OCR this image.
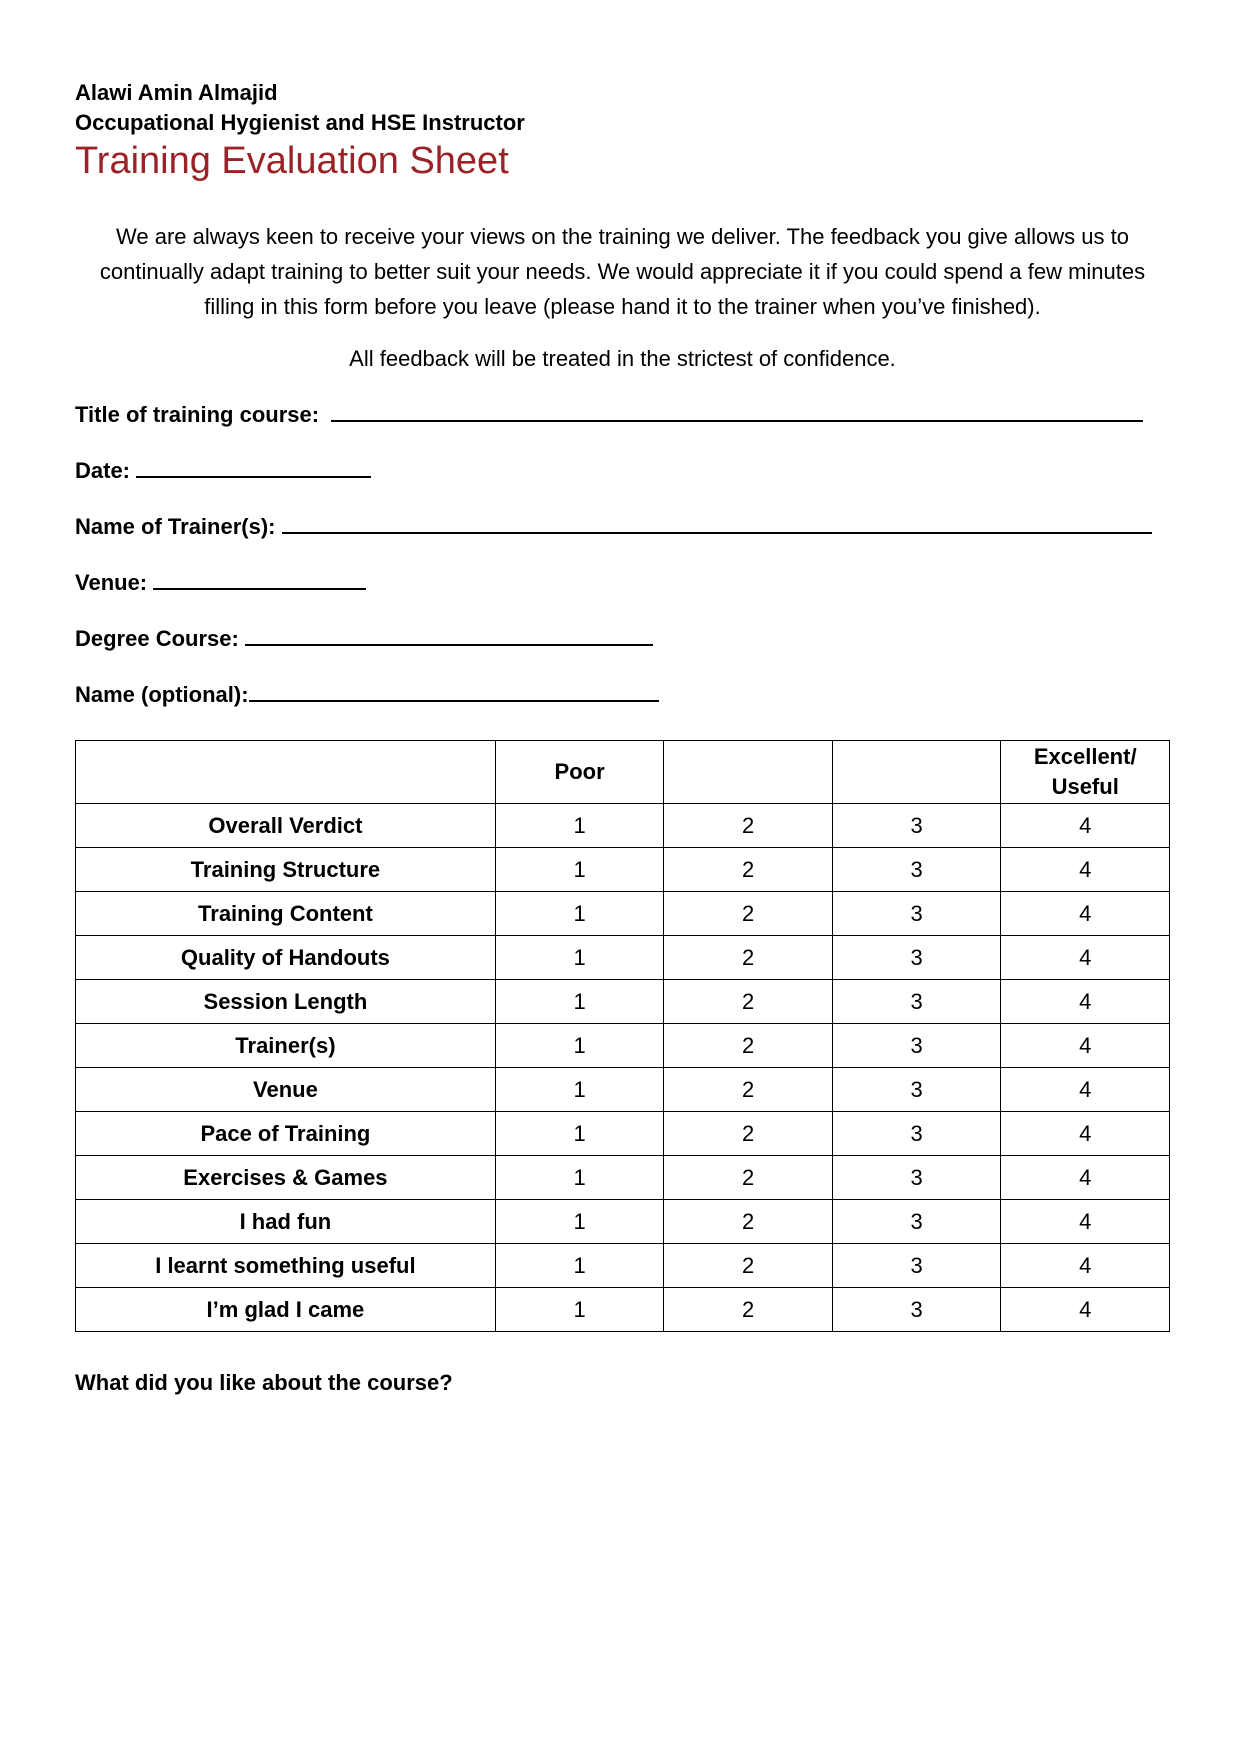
Alawi Amin Almajid
Occupational Hygienist and HSE Instructor
Training Evaluation Sheet

We are always keen to receive your views on the training we deliver. The feedback you give allows us to continually adapt training to better suit your needs. We would appreciate it if you could spend a few minutes filling in this form before you leave (please hand it to the trainer when you’ve finished).

All feedback will be treated in the strictest of confidence.
Title of training course:
Date:
Name of Trainer(s):
Venue:
Degree Course:
Name (optional):
	Poor			Excellent/
Useful
Overall Verdict	1	2	3	4
Training Structure	1	2	3	4
Training Content	1	2	3	4
Quality of Handouts	1	2	3	4
Session Length	1	2	3	4
Trainer(s)	1	2	3	4
Venue	1	2	3	4
Pace of Training	1	2	3	4
Exercises & Games	1	2	3	4
I had fun	1	2	3	4
I learnt something useful	1	2	3	4
I’m glad I came	1	2	3	4
What did you like about the course?
